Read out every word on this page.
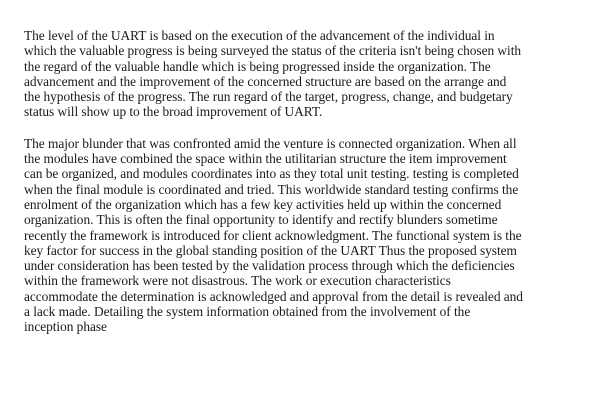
The level of the UART is based on the execution of the advancement of the individual in
which the valuable progress is being surveyed the status of the criteria isn't being chosen with
the regard of the valuable handle which is being progressed inside the organization. The
advancement and the improvement of the concerned structure are based on the arrange and
the hypothesis of the progress. The run regard of the target, progress, change, and budgetary
status will show up to the broad improvement of UART.

The major blunder that was confronted amid the venture is connected organization. When all
the modules have combined the space within the utilitarian structure the item improvement
can be organized, and modules coordinates into as they total unit testing. testing is completed
when the final module is coordinated and tried. This worldwide standard testing confirms the
enrolment of the organization which has a few key activities held up within the concerned
organization. This is often the final opportunity to identify and rectify blunders sometime
recently the framework is introduced for client acknowledgment. The functional system is the
key factor for success in the global standing position of the UART Thus the proposed system
under consideration has been tested by the validation process through which the deficiencies
within the framework were not disastrous. The work or execution characteristics
accommodate the determination is acknowledged and approval from the detail is revealed and
a lack made. Detailing the system information obtained from the involvement of the
inception phase
